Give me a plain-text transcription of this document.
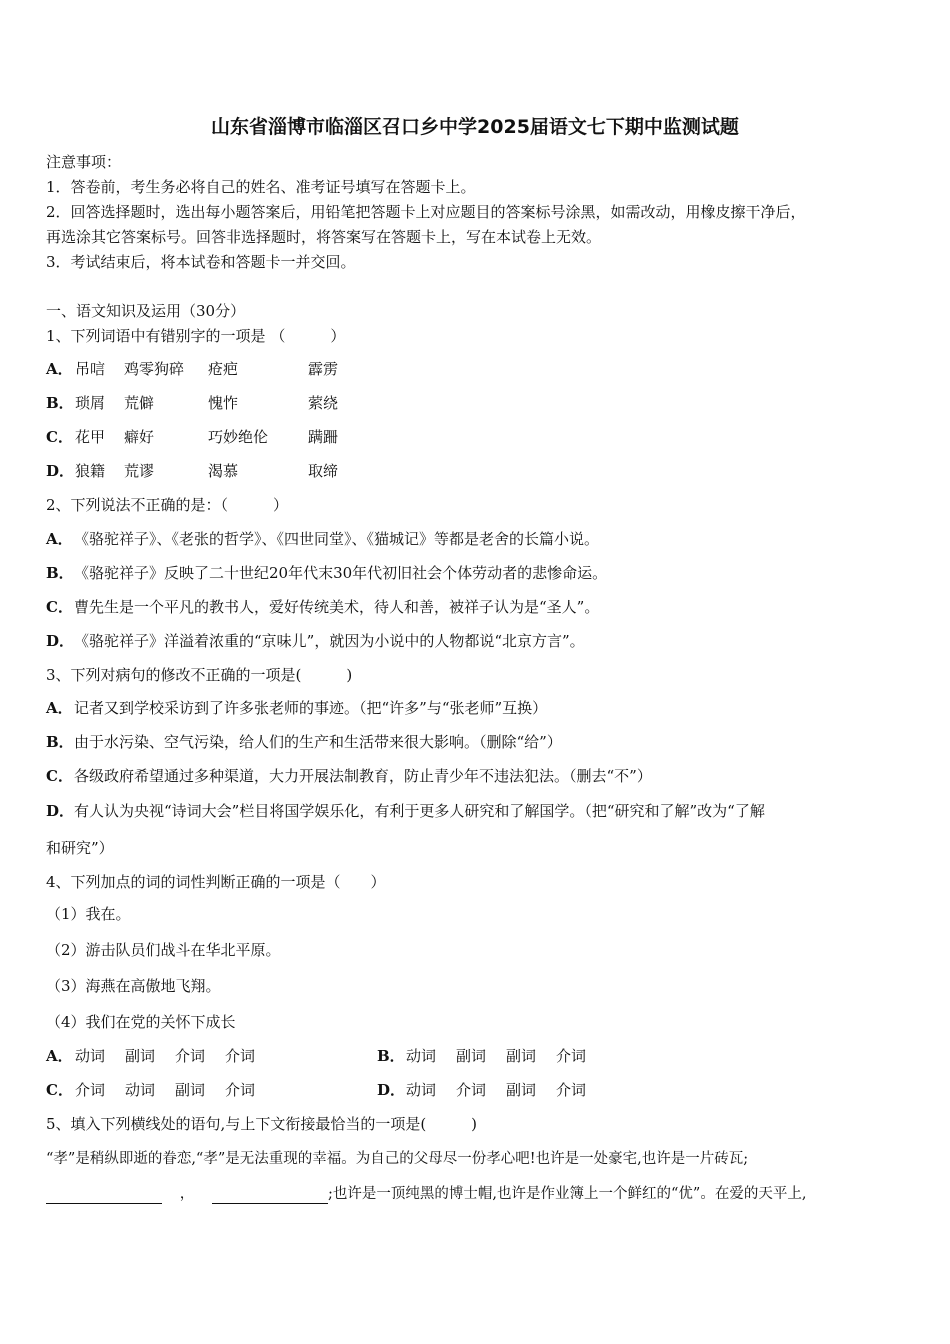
山东省淄博市临淄区召口乡中学2025届语文七下期中监测试题
注意事项：
1．答卷前，考生务必将自己的姓名、准考证号填写在答题卡上。
2．回答选择题时，选出每小题答案后，用铅笔把答题卡上对应题目的答案标号涂黑，如需改动，用橡皮擦干净后，
再选涂其它答案标号。回答非选择题时，将答案写在答题卡上，写在本试卷上无效。
3．考试结束后，将本试卷和答题卡一并交回。
一、语文知识及运用（30分）
1、下列词语中有错别字的一项是 （　　　）
A． 吊唁 鸡零狗碎 疮疤	霹雳
B． 琐屑 荒僻	愧怍	萦绕
C． 花甲 癖好	巧妙绝伦	蹒跚
D． 狼籍 荒谬	渴慕	取缔
2、下列说法不正确的是：（　　　）
A．《骆驼祥子》、《老张的哲学》、《四世同堂》、《猫城记》等都是老舍的长篇小说。
B．《骆驼祥子》反映了二十世纪20年代末30年代初旧社会个体劳动者的悲惨命运。
C．曹先生是一个平凡的教书人，爱好传统美术，待人和善，被祥子认为是“圣人”。
D．《骆驼祥子》洋溢着浓重的“京味儿”，就因为小说中的人物都说“北京方言”。
3、下列对病句的修改不正确的一项是(　　　)
A．记者又到学校采访到了许多张老师的事迹。（把“许多”与“张老师”互换）
B．由于水污染、空气污染，给人们的生产和生活带来很大影响。（删除“给”）
C．各级政府希望通过多种渠道，大力开展法制教育，防止青少年不违法犯法。（删去“不”）
D．有人认为央视“诗词大会”栏目将国学娱乐化，有利于更多人研究和了解国学。（把“研究和了解”改为“了解
和研究”）
4、下列加点的词的词性判断正确的一项是（　　）
（1）我在。
（2）游击队员们战斗在华北平原。
（3）海燕在高傲地飞翔。
（4）我们在党的关怀下成长
A． 动词 副词 介词 介词	B． 动词 副词 副词 介词
C． 介词 动词 副词 介词	D． 动词 介词 副词 介词
5、填入下列横线处的语句,与上下文衔接最恰当的一项是(　　　)
“孝”是稍纵即逝的眷恋,“孝”是无法重现的幸福。为自己的父母尽一份孝心吧!也许是一处豪宅,也许是一片砖瓦;
，	;也许是一顶纯黑的博士帽,也许是作业簿上一个鲜红的“优”。在爱的天平上,
